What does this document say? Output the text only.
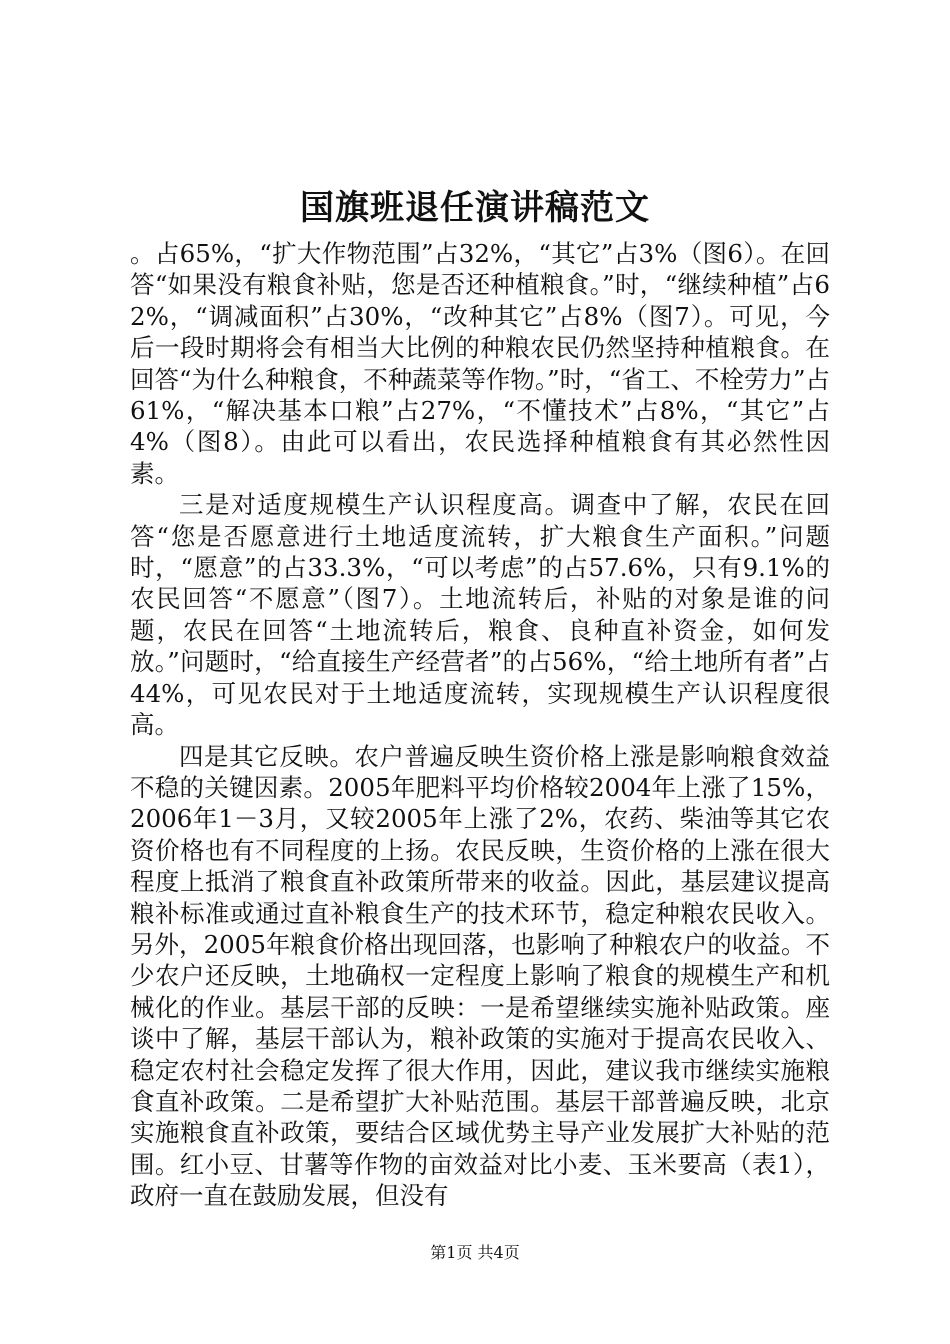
国旗班退任演讲稿范文

。占65%，“扩大作物范围”占32%，“其它”占3%（图6）。在回答“如果没有粮食补贴，您是否还种植粮食。”时，“继续种植”占62%，“调减面积”占30%，“改种其它”占8%（图7）。可见，今后一段时期将会有相当大比例的种粮农民仍然坚持种植粮食。在回答“为什么种粮食，不种蔬菜等作物。”时，“省工、不栓劳力”占61%，“解决基本口粮”占27%，“不懂技术”占8%，“其它”占4%（图8）。由此可以看出，农民选择种植粮食有其必然性因素。

三是对适度规模生产认识程度高。调查中了解，农民在回答“您是否愿意进行土地适度流转，扩大粮食生产面积。”问题时，“愿意”的占33.3%，“可以考虑”的占57.6%，只有9.1%的农民回答“不愿意”（图7）。土地流转后，补贴的对象是谁的问题，农民在回答“土地流转后，粮食、良种直补资金，如何发放。”问题时，“给直接生产经营者”的占56%，“给土地所有者”占44%，可见农民对于土地适度流转，实现规模生产认识程度很高。

四是其它反映。农户普遍反映生资价格上涨是影响粮食效益不稳的关键因素。2005年肥料平均价格较2004年上涨了15%，2006年1－3月，又较2005年上涨了2%，农药、柴油等其它农资价格也有不同程度的上扬。农民反映，生资价格的上涨在很大程度上抵消了粮食直补政策所带来的收益。因此，基层建议提高粮补标准或通过直补粮食生产的技术环节，稳定种粮农民收入。另外，2005年粮食价格出现回落，也影响了种粮农户的收益。不少农户还反映，土地确权一定程度上影响了粮食的规模生产和机械化的作业。基层干部的反映：一是希望继续实施补贴政策。座谈中了解，基层干部认为，粮补政策的实施对于提高农民收入、稳定农村社会稳定发挥了很大作用，因此，建议我市继续实施粮食直补政策。二是希望扩大补贴范围。基层干部普遍反映，北京实施粮食直补政策，要结合区域优势主导产业发展扩大补贴的范围。红小豆、甘薯等作物的亩效益对比小麦、玉米要高（表1），政府一直在鼓励发展，但没有

第1页 共4页
